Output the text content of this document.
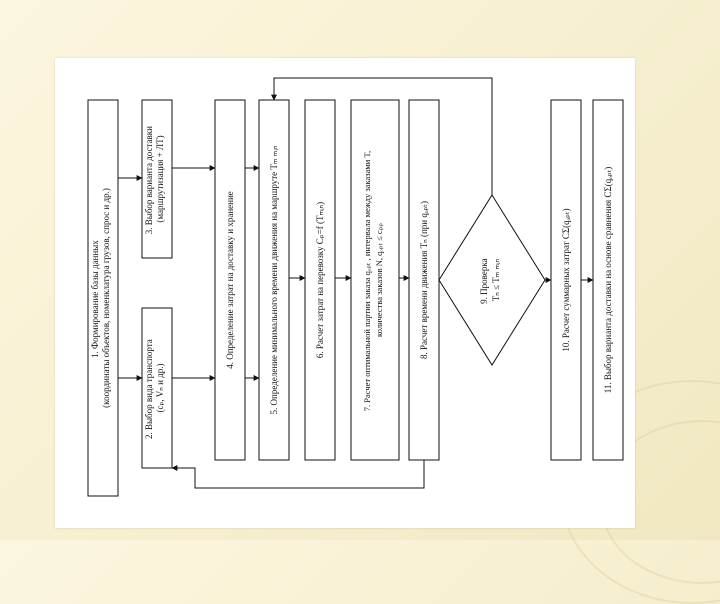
1. Формирование базы данных (координаты объектов, номенклатура грузов, спрос и др.)	2. Выбор вида транспорта (cₚ, Vₙ и др.)
3. Выбор варианта доставки (маршрутизация + ЛТ)
4. Определение затрат на доставку и хранение	5. Определение минимального времени движения на маршруте Tₘ ₘᵢₙ	6. Расчет затрат на перевозку Cₚ=f (Tₘᵢₙ)	7. Расчет оптимальной партии заказа qₒₚₜ , интервала между заказами T, количества заказов N, qₒₚₜ ≤ cₚₚ	8. Расчет времени движения Tₙ (при qₒₚₜ)	9. Проверка Tₙ ≤ Tₘ ₘᵢₙ	10. Расчет суммарных затрат CΣ(qₒₚₜ)	11. Выбор варианта доставки на основе сравнения CΣ(qₒₚₜ)
